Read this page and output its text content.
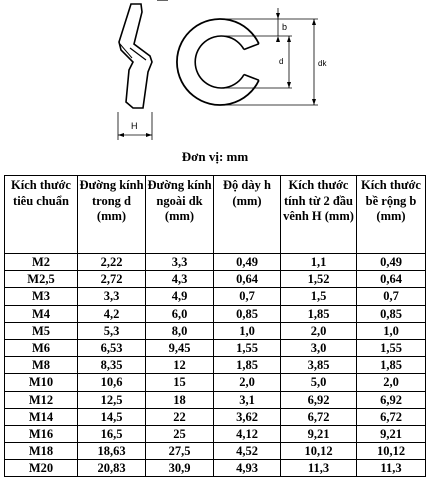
H
b
d	dk
Đơn vị: mm
Kích thước tiêu chuẩn	Đường kính trong d (mm)	Đường kính ngoài dk (mm)	Độ dày h (mm)	Kích thước tính từ 2 đầu vênh H (mm)	Kích thước bề rộng b (mm)
M2	2,22	3,3	0,49	1,1	0,49
M2,5	2,72	4,3	0,64	1,52	0,64
M3	3,3	4,9	0,7	1,5	0,7
M4	4,2	6,0	0,85	1,85	0,85
M5	5,3	8,0	1,0	2,0	1,0
M6	6,53	9,45	1,55	3,0	1,55
M8	8,35	12	1,85	3,85	1,85
M10	10,6	15	2,0	5,0	2,0
M12	12,5	18	3,1	6,92	6,92
M14	14,5	22	3,62	6,72	6,72
M16	16,5	25	4,12	9,21	9,21
M18	18,63	27,5	4,52	10,12	10,12
M20	20,83	30,9	4,93	11,3	11,3
